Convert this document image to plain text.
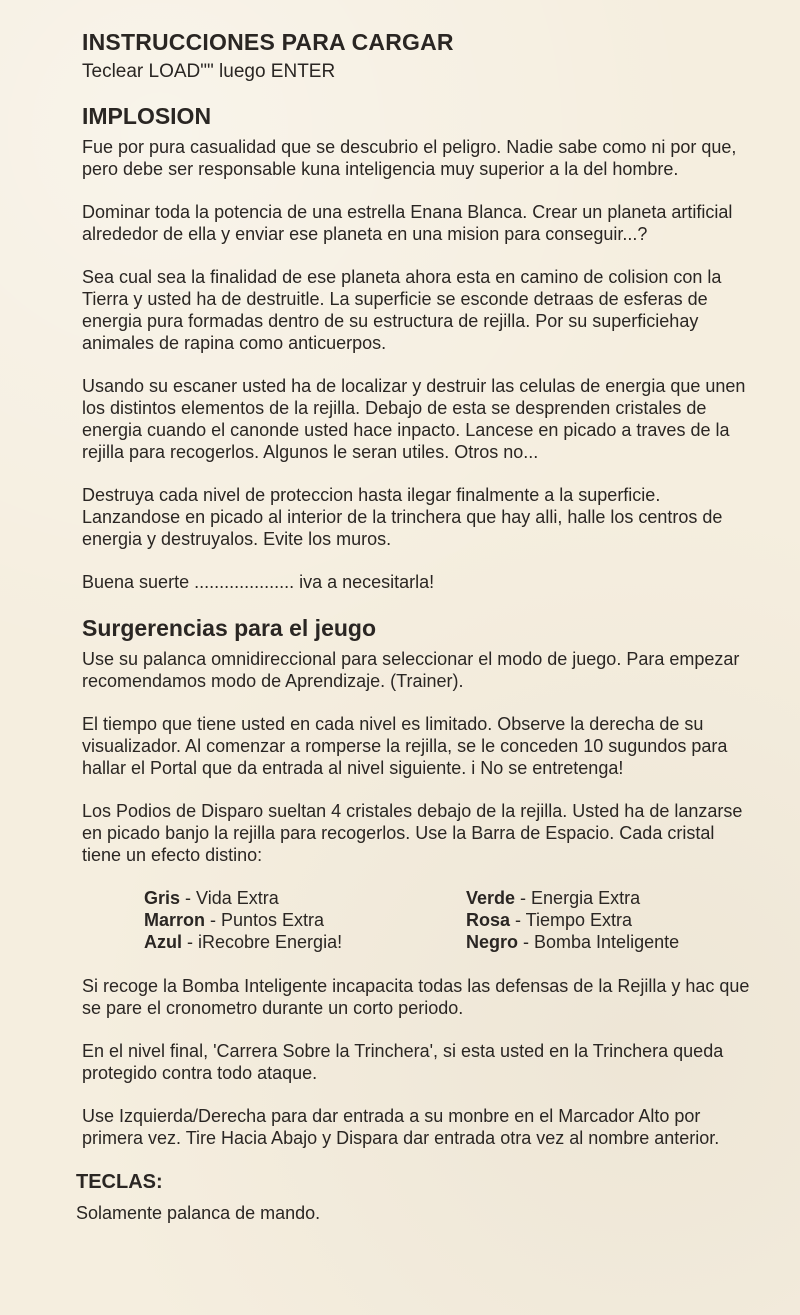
INSTRUCCIONES PARA CARGAR
Teclear LOAD"" luego ENTER
IMPLOSION
Fue por pura casualidad que se descubrio el peligro. Nadie sabe como ni por que,
pero debe ser responsable kuna inteligencia muy superior a la del hombre.
Dominar toda la potencia de una estrella Enana Blanca. Crear un planeta artificial
alrededor de ella y enviar ese planeta en una mision para conseguir...?
Sea cual sea la finalidad de ese planeta ahora esta en camino de colision con la
Tierra y usted ha de destruitle. La superficie se esconde detraas de esferas de
energia pura formadas dentro de su estructura de rejilla. Por su superficiehay
animales de rapina como anticuerpos.
Usando su escaner usted ha de localizar y destruir las celulas de energia que unen
los distintos elementos de la rejilla. Debajo de esta se desprenden cristales de
energia cuando el canonde usted hace inpacto. Lancese en picado a traves de la
rejilla para recogerlos. Algunos le seran utiles. Otros no...
Destruya cada nivel de proteccion hasta ilegar finalmente a la superficie.
Lanzandose en picado al interior de la trinchera que hay alli, halle los centros de
energia y destruyalos. Evite los muros.
Buena suerte .................... iva a necesitarla!
Surgerencias para el jeugo
Use su palanca omnidireccional para seleccionar el modo de juego. Para empezar
recomendamos modo de Aprendizaje. (Trainer).
El tiempo que tiene usted en cada nivel es limitado. Observe la derecha de su
visualizador. Al comenzar a romperse la rejilla, se le conceden 10 sugundos para
hallar el Portal que da entrada al nivel siguiente. i No se entretenga!
Los Podios de Disparo sueltan 4 cristales debajo de la rejilla. Usted ha de lanzarse
en picado banjo la rejilla para recogerlos. Use la Barra de Espacio. Cada cristal
tiene un efecto distino:
Gris - Vida Extra	Verde - Energia Extra
Marron - Puntos Extra	Rosa - Tiempo Extra
Azul - iRecobre Energia!	Negro - Bomba Inteligente
Si recoge la Bomba Inteligente incapacita todas las defensas de la Rejilla y hac que
se pare el cronometro durante un corto periodo.
En el nivel final, 'Carrera Sobre la Trinchera', si esta usted en la Trinchera queda
protegido contra todo ataque.
Use Izquierda/Derecha para dar entrada a su monbre en el Marcador Alto por
primera vez. Tire Hacia Abajo y Dispara dar entrada otra vez al nombre anterior.
TECLAS:
Solamente palanca de mando.
